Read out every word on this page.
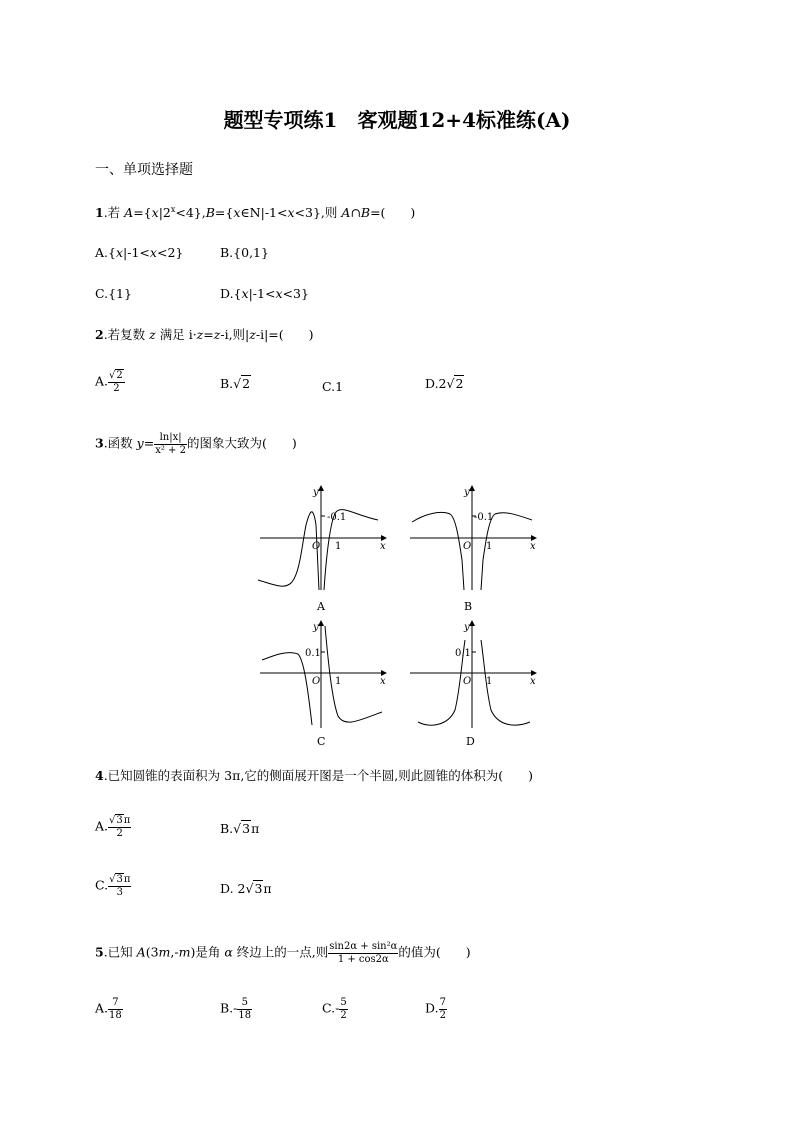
题型专项练1　客观题12+4标准练(A)
一、单项选择题
1.若 $A=\{x|2^x<4\},B=\{x\in N|-1<x<3\}$,则 A∩B=(　　)
A.{x|-1<x<2}	B.{0,1}
C.{1}	D.{x|-1<x<3}
2.若复数 z 满足 i·z=z-i,则|z-i|=(　　)
A. $\frac{√2}{2}$	B.√2	C.1	D.2√2
3.函数 $y= \frac{\ln|x|}{\text{x² + 2}}$ 的图象大致为(　　)
-0.1
O 1	x
y
A
-0.1
O 1	x
y
B
0.1
O 1	x
y
C
0.1
O 1	x
y
D
4.已知圆锥的表面积为 3π,它的侧面展开图是一个半圆,则此圆锥的体积为(　　)
A. $\frac{√3\pi}{2}$	B.√3π
C. $\frac{√3\pi}{3}$	D. 2√3π
5.已知 A(3m,-m)是角 α 终边上的一点,则 $\frac{\text{sin2α + sin²α}}{1 + \cos 2\alpha}$ 的值为(　　)
A. $\frac{7}{18}$	$B.- \frac{5}{18}$	$C.- \frac{5}{2}$	D. $\frac{7}{2}$
